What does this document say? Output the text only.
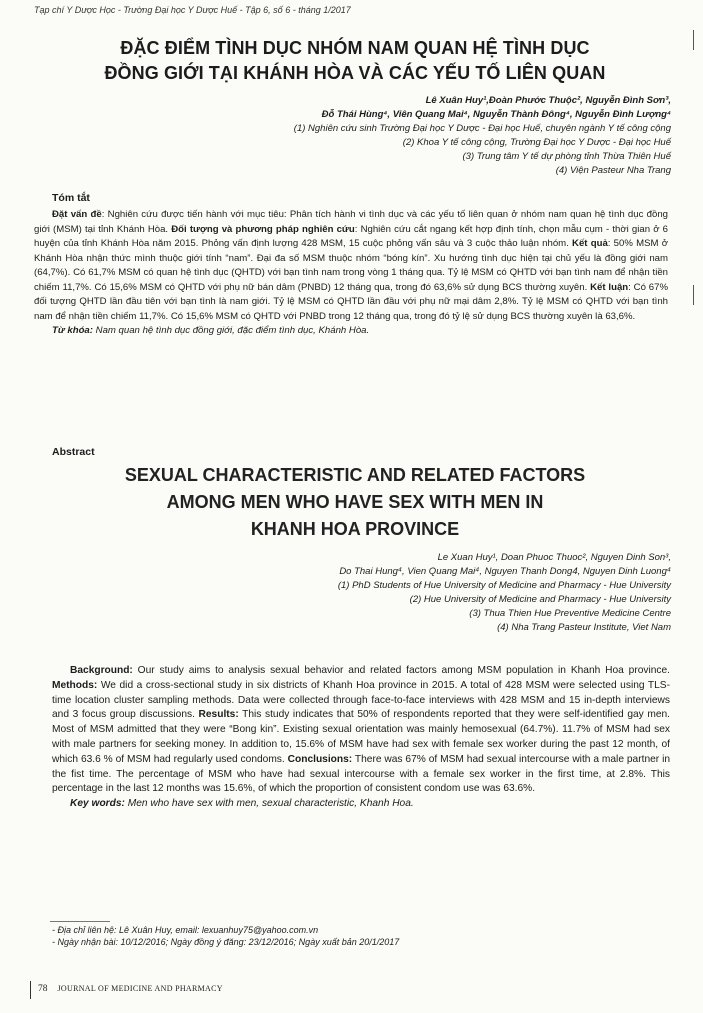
Tạp chí Y Dược Học - Trường Đại học Y Dược Huế - Tập 6, số 6 - tháng 1/2017
ĐẶC ĐIỂM TÌNH DỤC NHÓM NAM QUAN HỆ TÌNH DỤC
ĐỒNG GIỚI TẠI KHÁNH HÒA VÀ CÁC YẾU TỐ LIÊN QUAN
Lê Xuân Huy¹,Đoàn Phước Thuộc², Nguyễn Đình Sơn³,
Đỗ Thái Hùng⁴, Viên Quang Mai⁴, Nguyễn Thành Đông⁴, Nguyễn Đình Lượng⁴
(1) Nghiên cứu sinh Trường Đại học Y Dược - Đại học Huế, chuyên ngành Y tế công cộng
(2) Khoa Y tế công cộng, Trường Đại học Y Dược - Đại học Huế
(3) Trung tâm Y tế dự phòng tỉnh Thừa Thiên Huế
(4) Viện Pasteur Nha Trang
Tóm tắt

Đặt vấn đề: Nghiên cứu được tiến hành với mục tiêu: Phân tích hành vi tình dục và các yếu tố liên quan ở nhóm nam quan hệ tình dục đồng giới (MSM) tại tỉnh Khánh Hòa. Đối tượng và phương pháp nghiên cứu: Nghiên cứu cắt ngang kết hợp định tính, chọn mẫu cụm - thời gian ở 6 huyện của tỉnh Khánh Hòa năm 2015. Phỏng vấn định lượng 428 MSM, 15 cuộc phỏng vấn sâu và 3 cuộc thảo luận nhóm. Kết quả: 50% MSM ở Khánh Hòa nhận thức mình thuộc giới tính “nam”. Đại đa số MSM thuộc nhóm “bóng kín”. Xu hướng tình dục hiện tại chủ yếu là đồng giới nam (64,7%). Có 61,7% MSM có quan hệ tình dục (QHTD) với bạn tình nam trong vòng 1 tháng qua. Tỷ lệ MSM có QHTD với bạn tình nam để nhận tiền chiếm 11,7%. Có 15,6% MSM có QHTD với phụ nữ bán dâm (PNBD) 12 tháng qua, trong đó 63,6% sử dụng BCS thường xuyên. Kết luận: Có 67% đối tượng QHTD lần đầu tiên với bạn tình là nam giới. Tỷ lệ MSM có QHTD lần đầu với phụ nữ mại dâm 2,8%. Tỷ lệ MSM có QHTD với bạn tình nam để nhận tiền chiếm 11,7%. Có 15,6% MSM có QHTD với PNBD trong 12 tháng qua, trong đó tỷ lệ sử dụng BCS thường xuyên là 63,6%.
Từ khóa: Nam quan hệ tình dục đồng giới, đặc điểm tình dục, Khánh Hòa.

Abstract
SEXUAL CHARACTERISTIC AND RELATED FACTORS
AMONG MEN WHO HAVE SEX WITH MEN IN
KHANH HOA PROVINCE
Le Xuan Huy¹, Doan Phuoc Thuoc², Nguyen Dinh Son³,
Do Thai Hung⁴, Vien Quang Mai⁴, Nguyen Thanh Dong4, Nguyen Dinh Luong⁴
(1) PhD Students of Hue University of Medicine and Pharmacy - Hue University
(2) Hue University of Medicine and Pharmacy - Hue University
(3) Thua Thien Hue Preventive Medicine Centre
(4) Nha Trang Pasteur Institute, Viet Nam

Background: Our study aims to analysis sexual behavior and related factors among MSM population in Khanh Hoa province. Methods: We did a cross-sectional study in six districts of Khanh Hoa province in 2015. A total of 428 MSM were selected using TLS-time location cluster sampling methods. Data were collected through face-to-face interviews with 428 MSM and 15 in-depth interviews and 3 focus group discussions. Results: This study indicates that 50% of respondents reported that they were self-identified gay men. Most of MSM admitted that they were “Bong kin”. Existing sexual orientation was mainly hemosexual (64.7%). 11.7% of MSM had sex with male partners for seeking money. In addition to, 15.6% of MSM have had sex with female sex worker during the past 12 month, of which 63.6 % of MSM had regularly used condoms. Conclusions: There was 67% of MSM had sexual intercourse with a male partner in the fist time. The percentage of MSM who have had sexual intercourse with a female sex worker in the first time, at 2.8%. This percentage in the last 12 months was 15.6%, of which the proportion of consistent condom use was 63.6%.
Key words: Men who have sex with men, sexual characteristic, Khanh Hoa.

- Địa chỉ liên hệ: Lê Xuân Huy, email: lexuanhuy75@yahoo.com.vn
- Ngày nhận bài: 10/12/2016; Ngày đồng ý đăng: 23/12/2016; Ngày xuất bản 20/1/2017
78 JOURNAL OF MEDICINE AND PHARMACY
